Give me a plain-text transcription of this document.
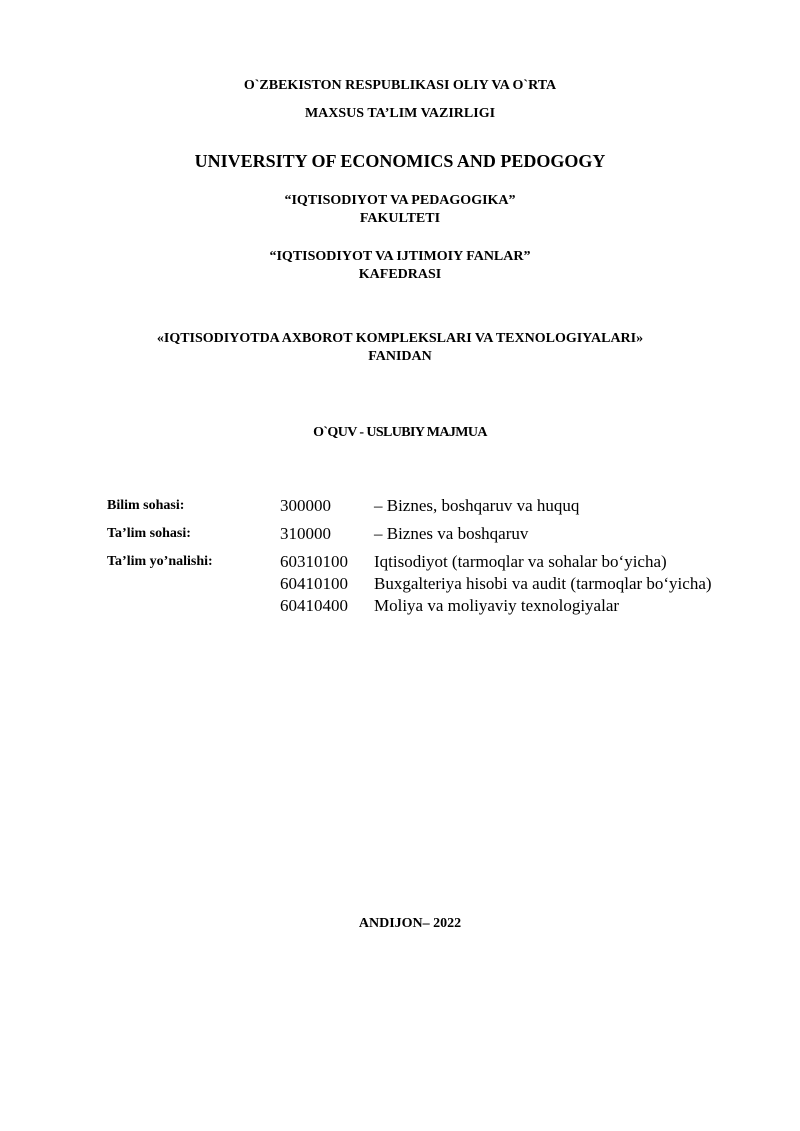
O`ZBEKISTON RESPUBLIKASI OLIY VA O`RTA
MAXSUS TA’LIM VAZIRLIGI
UNIVERSITY OF ECONOMICS AND PEDOGOGY
“IQTISODIYOT VA PEDAGOGIKA”
FAKULTETI
“IQTISODIYOT VA IJTIMOIY FANLAR”
KAFEDRASI
«IQTISODIYOTDA AXBOROT KOMPLEKSLARI VA TEXNOLOGIYALARI»
FANIDAN
O`QUV - USLUBIY MAJMUA
Bilim sohasi:	300000	– Biznes, boshqaruv va huquq
Ta’lim sohasi:	310000	– Biznes va boshqaruv
Ta’lim yo’nalishi:	60310100	Iqtisodiyot (tarmoqlar va sohalar bo‘yicha)
60410100	Buxgalteriya hisobi va audit (tarmoqlar bo‘yicha)
60410400	Moliya va moliyaviy texnologiyalar
ANDIJON– 2022
